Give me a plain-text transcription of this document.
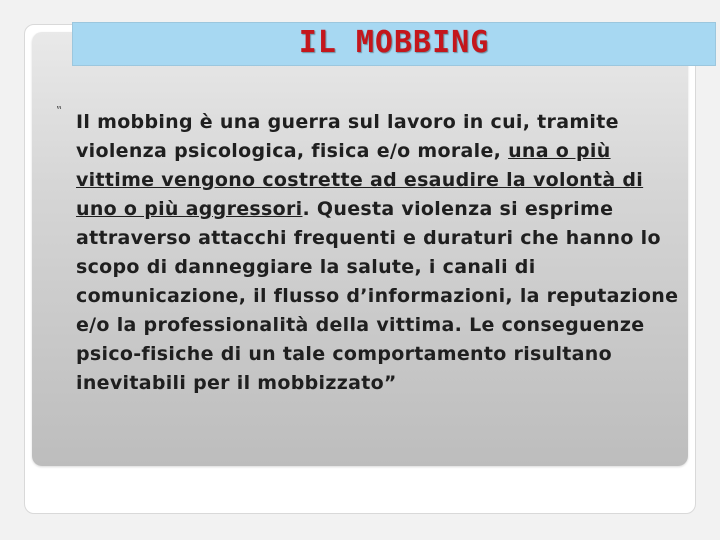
IL MOBBING
‟ Il mobbing è una guerra sul lavoro in cui, tramite violenza psicologica, fisica e/o morale, una o più vittime vengono costrette ad esaudire la volontà di uno o più aggressori. Questa violenza si esprime attraverso attacchi frequenti e duraturi che hanno lo scopo di danneggiare la salute, i canali di comunicazione, il flusso d’informazioni, la reputazione e/o la professionalità della vittima. Le conseguenze psico-fisiche di un tale comportamento risultano inevitabili per il mobbizzato”
